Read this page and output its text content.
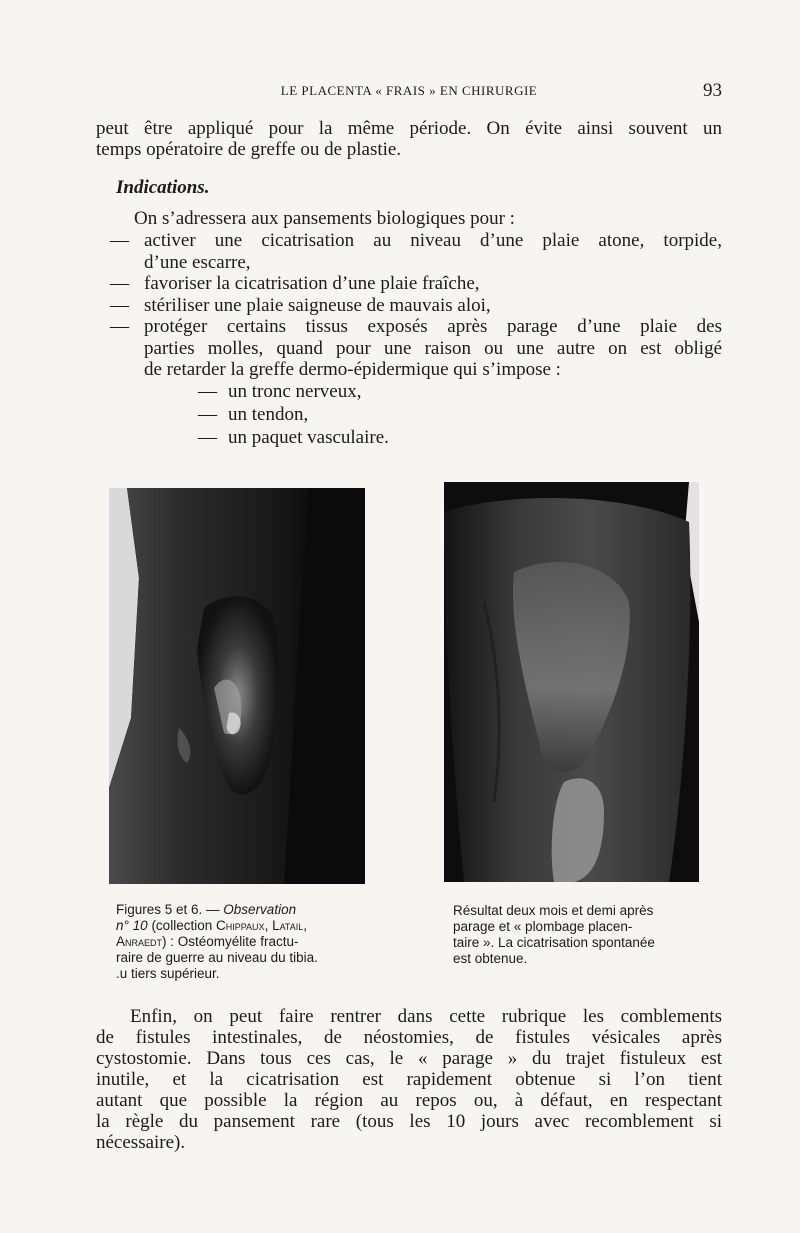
LE PLACENTA « FRAIS » EN CHIRURGIE	93
peut être appliqué pour la même période. On évite ainsi souvent un
temps opératoire de greffe ou de plastie.
Indications.

On s’adressera aux pansements biologiques pour :

— activer une cicatrisation au niveau d’une plaie atone, torpide,
d’une escarre,
— favoriser la cicatrisation d’une plaie fraîche,
— stériliser une plaie saigneuse de mauvais aloi,
— protéger certains tissus exposés après parage d’une plaie des
parties molles, quand pour une raison ou une autre on est obligé
de retarder la greffe dermo-épidermique qui s’impose :
— un tronc nerveux,
— un tendon,
— un paquet vasculaire.

Figures 5 et 6. — Observation
n° 10 (collection Chippaux, Latail,
Anraedt) : Ostéomyélite fractu-
raire de guerre au niveau du tibia.
.u tiers supérieur.

Résultat deux mois et demi après
parage et « plombage placen-
taire ». La cicatrisation spontanée
est obtenue.

Enfin, on peut faire rentrer dans cette rubrique les comblements
de fistules intestinales, de néostomies, de fistules vésicales après
cystostomie. Dans tous ces cas, le « parage » du trajet fistuleux est
inutile, et la cicatrisation est rapidement obtenue si l’on tient
autant que possible la région au repos ou, à défaut, en respectant
la règle du pansement rare (tous les 10 jours avec recomblement si
nécessaire).
